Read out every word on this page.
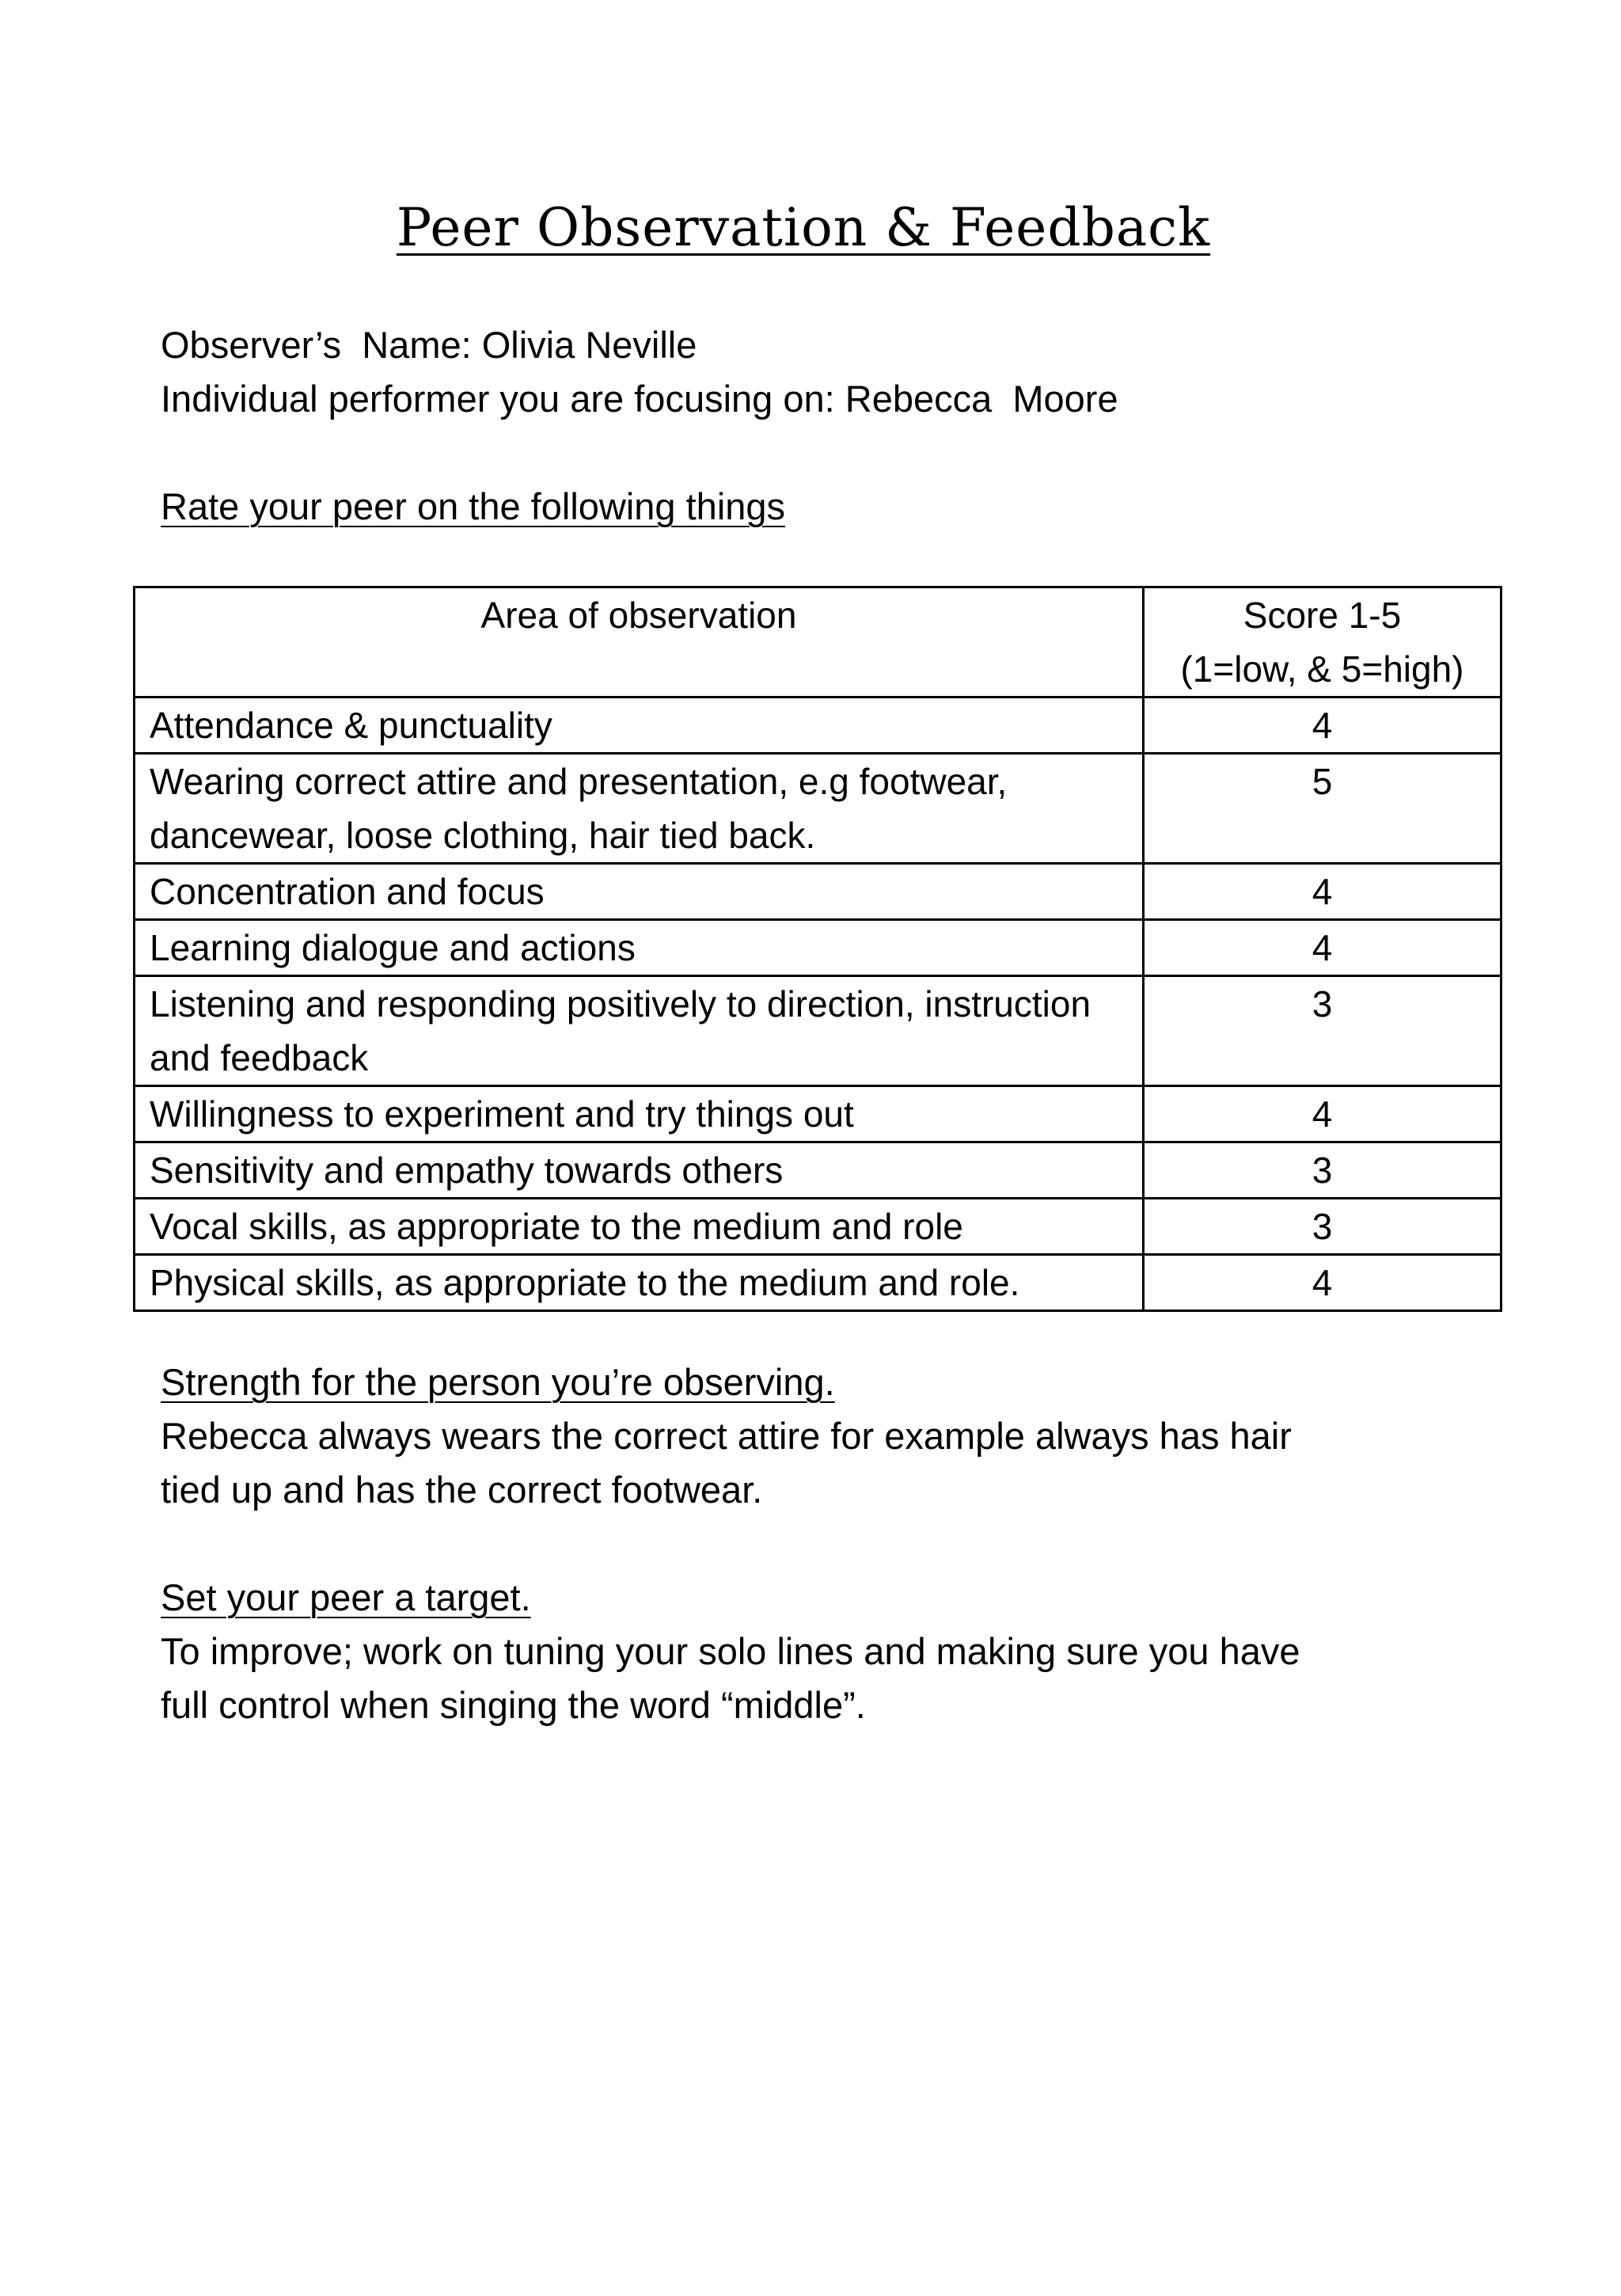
Peer Observation & Feedback
Observer’s  Name: Olivia Neville
Individual performer you are focusing on: Rebecca  Moore
Rate your peer on the following things
Area of observation	Score 1-5
(1=low, & 5=high)

Attendance & punctuality	4
Wearing correct attire and presentation, e.g footwear, dancewear, loose clothing, hair tied back.	5
Concentration and focus	4
Learning dialogue and actions	4
Listening and responding positively to direction, instruction and feedback	3
Willingness to experiment and try things out	4
Sensitivity and empathy towards others	3
Vocal skills, as appropriate to the medium and role	3
Physical skills, as appropriate to the medium and role.	4
Strength for the person you’re observing.
Rebecca always wears the correct attire for example always has hair
tied up and has the correct footwear.
Set your peer a target.
To improve; work on tuning your solo lines and making sure you have
full control when singing the word “middle”.
